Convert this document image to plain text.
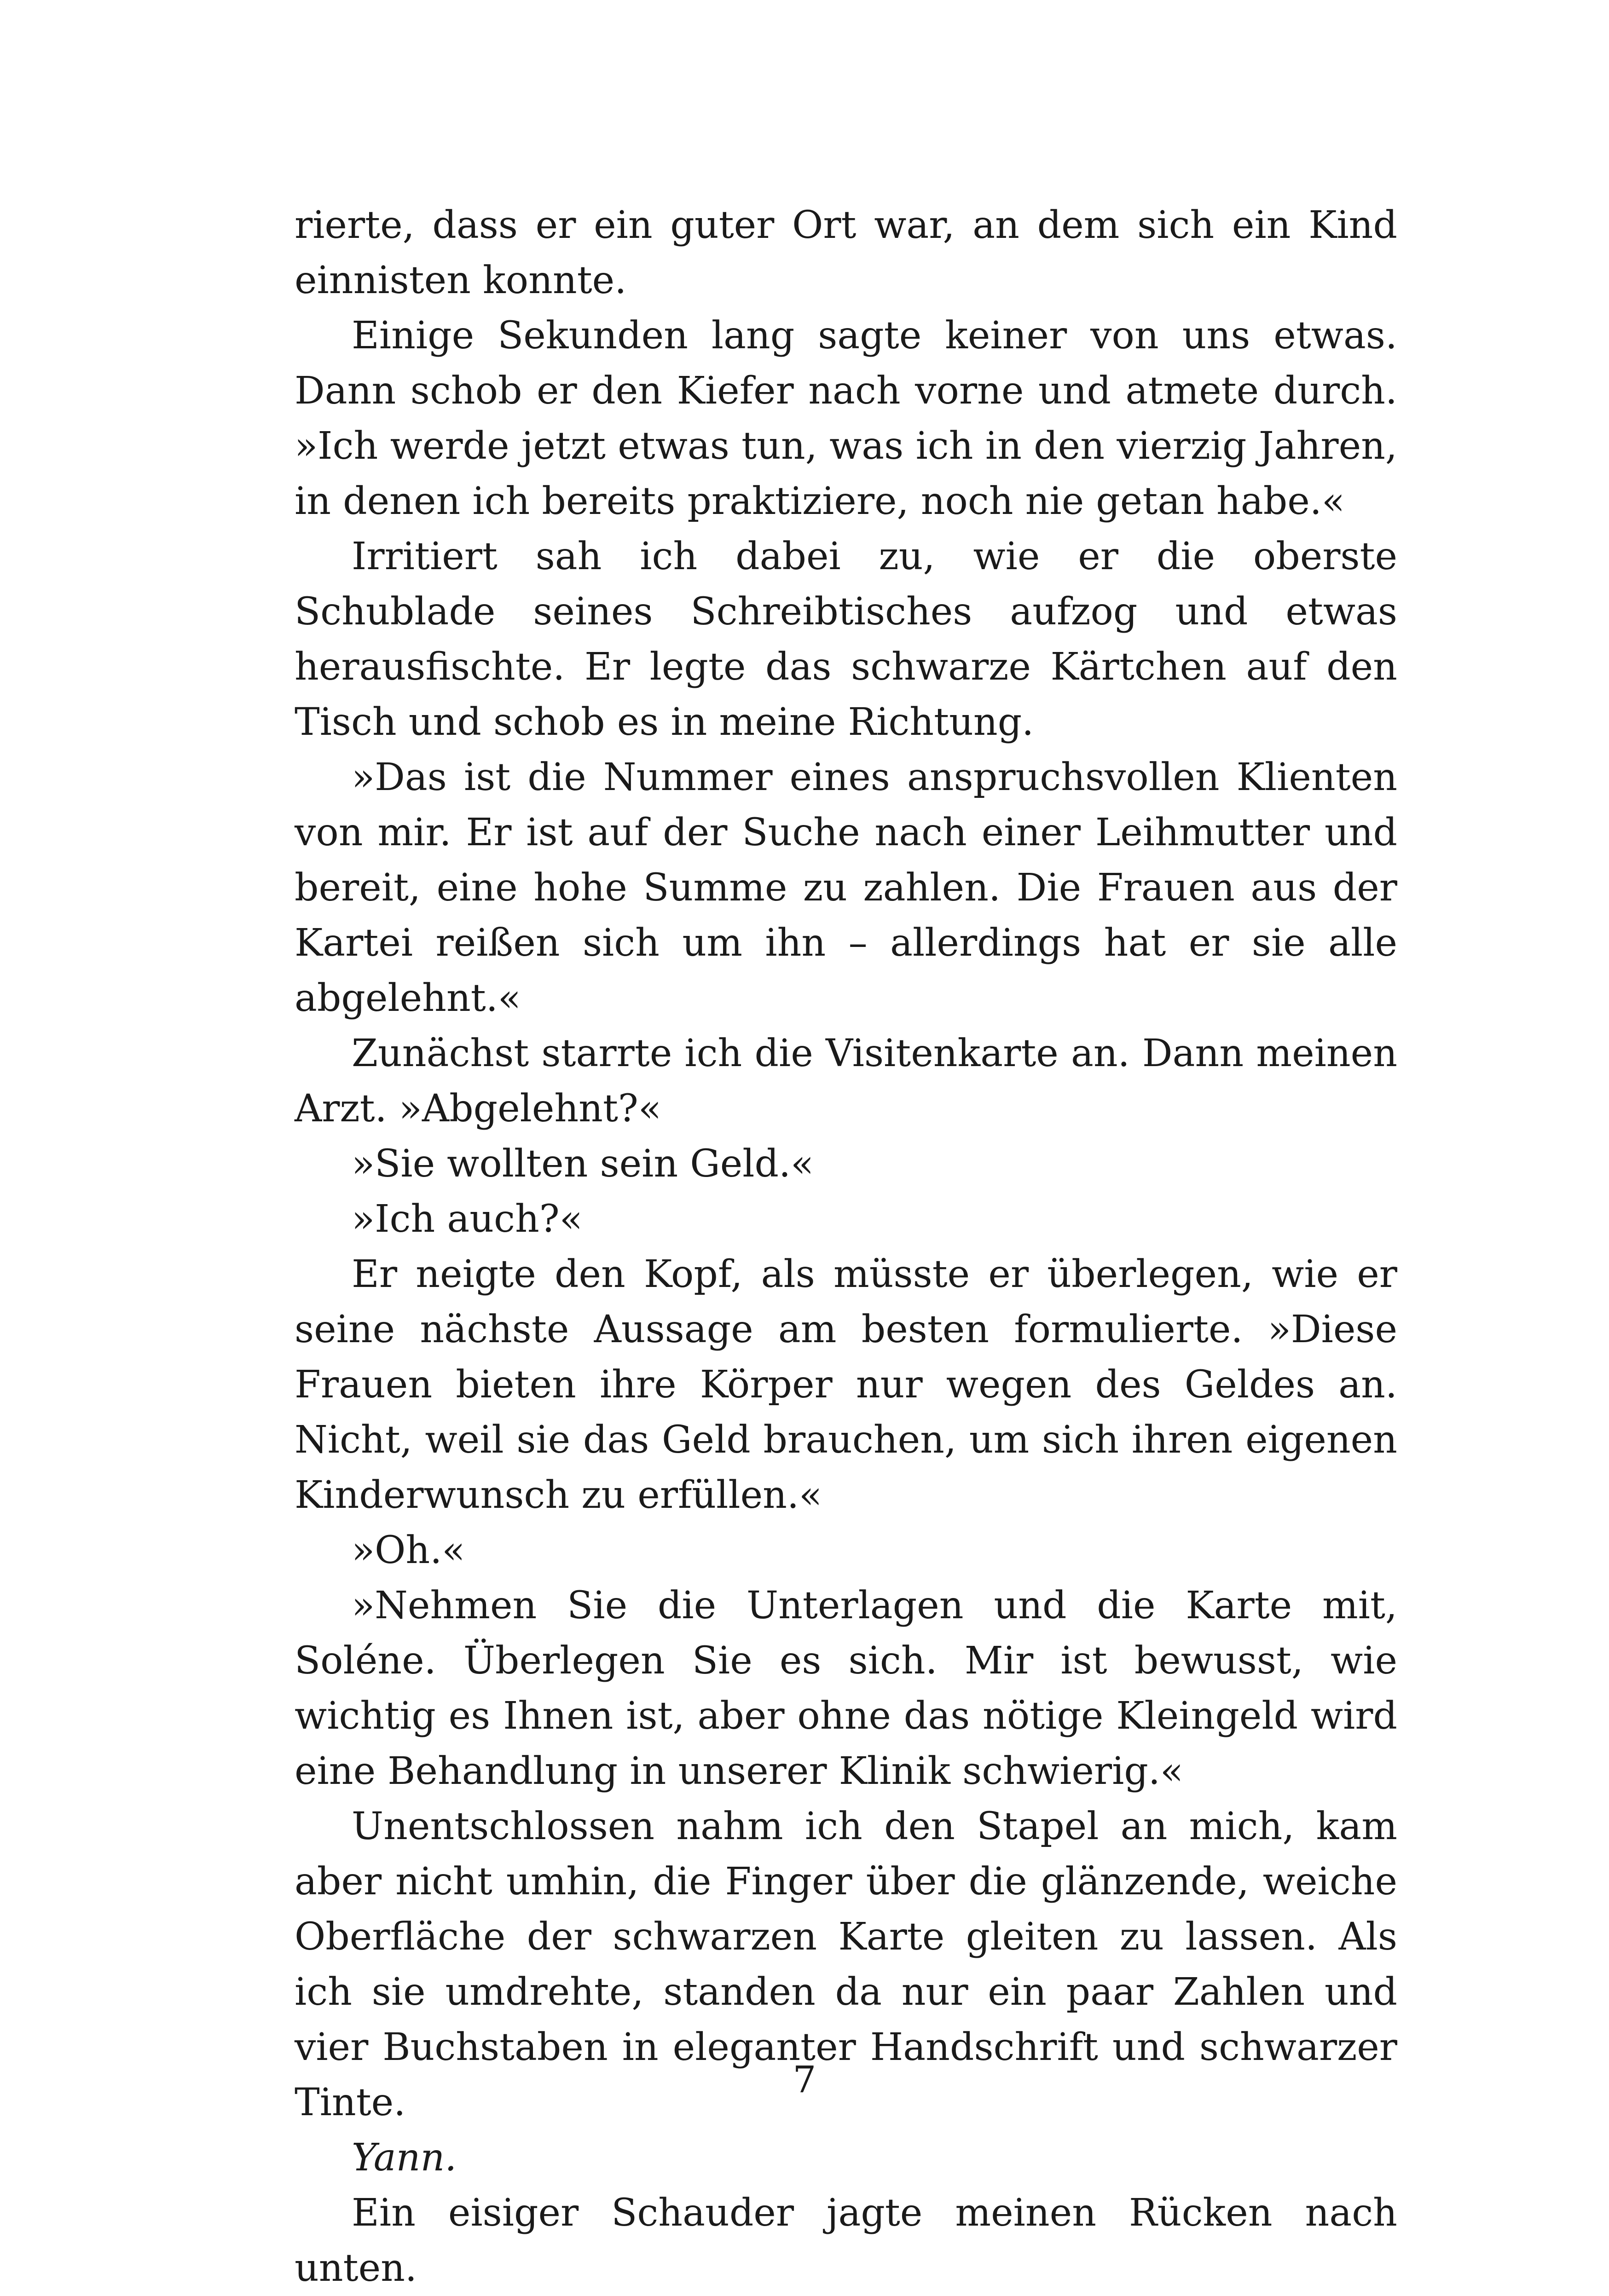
rierte, dass er ein guter Ort war, an dem sich ein Kind einnisten konnte.

Einige Sekunden lang sagte keiner von uns etwas. Dann schob er den Kiefer nach vorne und atmete durch. »Ich werde jetzt etwas tun, was ich in den vierzig Jahren, in denen ich bereits praktiziere, noch nie getan habe.«

Irritiert sah ich dabei zu, wie er die oberste Schublade seines Schreibtisches aufzog und etwas herausfischte. Er legte das schwarze Kärtchen auf den Tisch und schob es in meine Richtung.

»Das ist die Nummer eines anspruchsvollen Klienten von mir. Er ist auf der Suche nach einer Leihmutter und bereit, eine hohe Summe zu zahlen. Die Frauen aus der Kartei reißen sich um ihn – allerdings hat er sie alle abgelehnt.«

Zunächst starrte ich die Visitenkarte an. Dann meinen Arzt. »Abgelehnt?«

»Sie wollten sein Geld.«

»Ich auch?«

Er neigte den Kopf, als müsste er überlegen, wie er seine nächste Aussage am besten formulierte. »Diese Frauen bieten ihre Körper nur wegen des Geldes an. Nicht, weil sie das Geld brauchen, um sich ihren eigenen Kinderwunsch zu erfüllen.«

»Oh.«

»Nehmen Sie die Unterlagen und die Karte mit, Soléne. Überlegen Sie es sich. Mir ist bewusst, wie wichtig es Ihnen ist, aber ohne das nötige Kleingeld wird eine Behandlung in unserer Klinik schwierig.«

Unentschlossen nahm ich den Stapel an mich, kam aber nicht umhin, die Finger über die glänzende, weiche Oberfläche der schwarzen Karte gleiten zu lassen. Als ich sie umdrehte, standen da nur ein paar Zahlen und vier Buchstaben in eleganter Handschrift und schwarzer Tinte.

Yann.

Ein eisiger Schauder jagte meinen Rücken nach unten.

7
